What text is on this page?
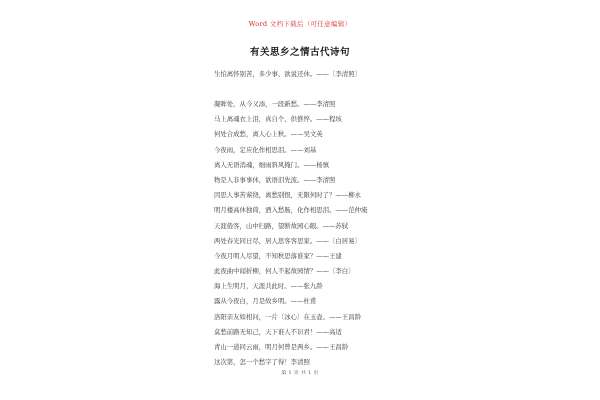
Word 文档下载后（可任意编辑）
有关思乡之情古代诗句
生怕离怀别苦，多少事、欲说还休。——〔李清照〕
凝眸处，从今又添，一段新愁。——李清照
马上离魂衣上泪，真自个、供憔悴。——程垓
何处合成愁，离人心上秋。——吴文英
今夜雨，定应化作相思泪。——刘基
离人无语消魂，细雨斜风掩门。——杨慎
物是人非事事休，欲语泪先流。——李清照
因思人事苦萦绕，离愁别恨，无限何时了？——柳永
明月楼高休独倚，酒入愁肠，化作相思泪。——范仲淹
天涯倦客，山中归路，望断故园心眼。——苏轼
两处春光同日尽，居人思客客思家。——〔白居易〕
今夜月明人尽望，不知秋思落谁家？——王建
此夜曲中闻折柳，何人不起故园情？——〔李白〕
海上生明月，天涯共此时。——张九龄
露从今夜白，月是故乡明。——杜甫
洛阳亲友如相问，一片〔冰心〕在玉壶。——王昌龄
莫愁前路无知己，天下谁人不识君！——高适
青山一道同云雨，明月何曾是两乡。——王昌龄
这次第，怎一个愁字了得！李清照
第 1 页 共 1 页
